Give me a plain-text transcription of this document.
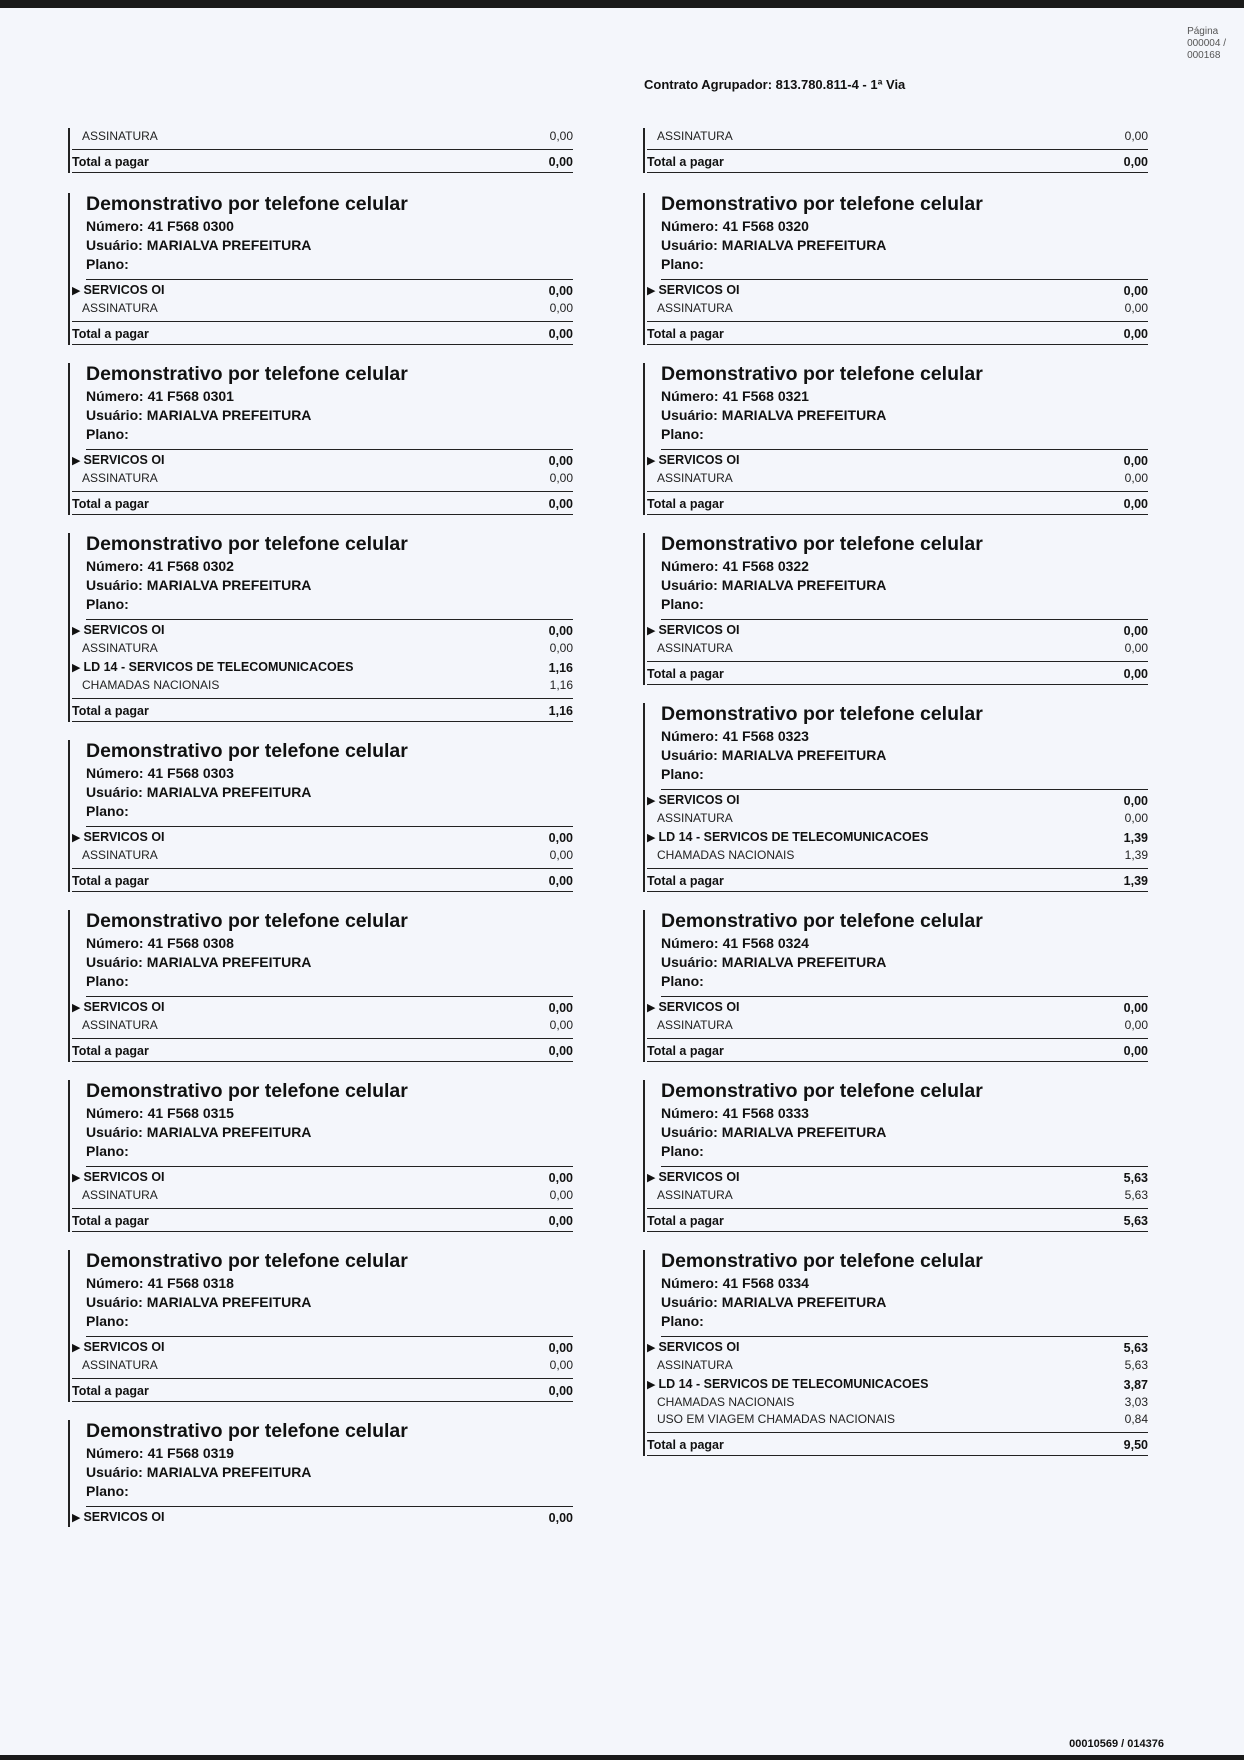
Página
000004 /
000168
Contrato Agrupador: 813.780.811-4 - 1ª Via
ASSINATURA	0,00
Total a pagar	0,00
Demonstrativo por telefone celular
Número: 41 F568 0300
Usuário: MARIALVA PREFEITURA
Plano:
▶ SERVICOS OI	0,00
ASSINATURA	0,00
Total a pagar	0,00
Demonstrativo por telefone celular
Número: 41 F568 0301
Usuário: MARIALVA PREFEITURA
Plano:
▶ SERVICOS OI	0,00
ASSINATURA	0,00
Total a pagar	0,00
Demonstrativo por telefone celular
Número: 41 F568 0302
Usuário: MARIALVA PREFEITURA
Plano:
▶ SERVICOS OI	0,00
ASSINATURA	0,00
▶ LD 14 - SERVICOS DE TELECOMUNICACOES	1,16
CHAMADAS NACIONAIS	1,16
Total a pagar	1,16
Demonstrativo por telefone celular
Número: 41 F568 0303
Usuário: MARIALVA PREFEITURA
Plano:
▶ SERVICOS OI	0,00
ASSINATURA	0,00
Total a pagar	0,00
Demonstrativo por telefone celular
Número: 41 F568 0308
Usuário: MARIALVA PREFEITURA
Plano:
▶ SERVICOS OI	0,00
ASSINATURA	0,00
Total a pagar	0,00
Demonstrativo por telefone celular
Número: 41 F568 0315
Usuário: MARIALVA PREFEITURA
Plano:
▶ SERVICOS OI	0,00
ASSINATURA	0,00
Total a pagar	0,00
Demonstrativo por telefone celular
Número: 41 F568 0318
Usuário: MARIALVA PREFEITURA
Plano:
▶ SERVICOS OI	0,00
ASSINATURA	0,00
Total a pagar	0,00
Demonstrativo por telefone celular
Número: 41 F568 0319
Usuário: MARIALVA PREFEITURA
Plano:
▶ SERVICOS OI	0,00
ASSINATURA	0,00
Total a pagar	0,00
Demonstrativo por telefone celular
Número: 41 F568 0320
Usuário: MARIALVA PREFEITURA
Plano:
▶ SERVICOS OI	0,00
ASSINATURA	0,00
Total a pagar	0,00
Demonstrativo por telefone celular
Número: 41 F568 0321
Usuário: MARIALVA PREFEITURA
Plano:
▶ SERVICOS OI	0,00
ASSINATURA	0,00
Total a pagar	0,00
Demonstrativo por telefone celular
Número: 41 F568 0322
Usuário: MARIALVA PREFEITURA
Plano:
▶ SERVICOS OI	0,00
ASSINATURA	0,00
Total a pagar	0,00
Demonstrativo por telefone celular
Número: 41 F568 0323
Usuário: MARIALVA PREFEITURA
Plano:
▶ SERVICOS OI	0,00
ASSINATURA	0,00
▶ LD 14 - SERVICOS DE TELECOMUNICACOES	1,39
CHAMADAS NACIONAIS	1,39
Total a pagar	1,39
Demonstrativo por telefone celular
Número: 41 F568 0324
Usuário: MARIALVA PREFEITURA
Plano:
▶ SERVICOS OI	0,00
ASSINATURA	0,00
Total a pagar	0,00
Demonstrativo por telefone celular
Número: 41 F568 0333
Usuário: MARIALVA PREFEITURA
Plano:
▶ SERVICOS OI	5,63
ASSINATURA	5,63
Total a pagar	5,63
Demonstrativo por telefone celular
Número: 41 F568 0334
Usuário: MARIALVA PREFEITURA
Plano:
▶ SERVICOS OI	5,63
ASSINATURA	5,63
▶ LD 14 - SERVICOS DE TELECOMUNICACOES	3,87
CHAMADAS NACIONAIS	3,03
USO EM VIAGEM CHAMADAS NACIONAIS	0,84
Total a pagar	9,50
00010569 / 014376
